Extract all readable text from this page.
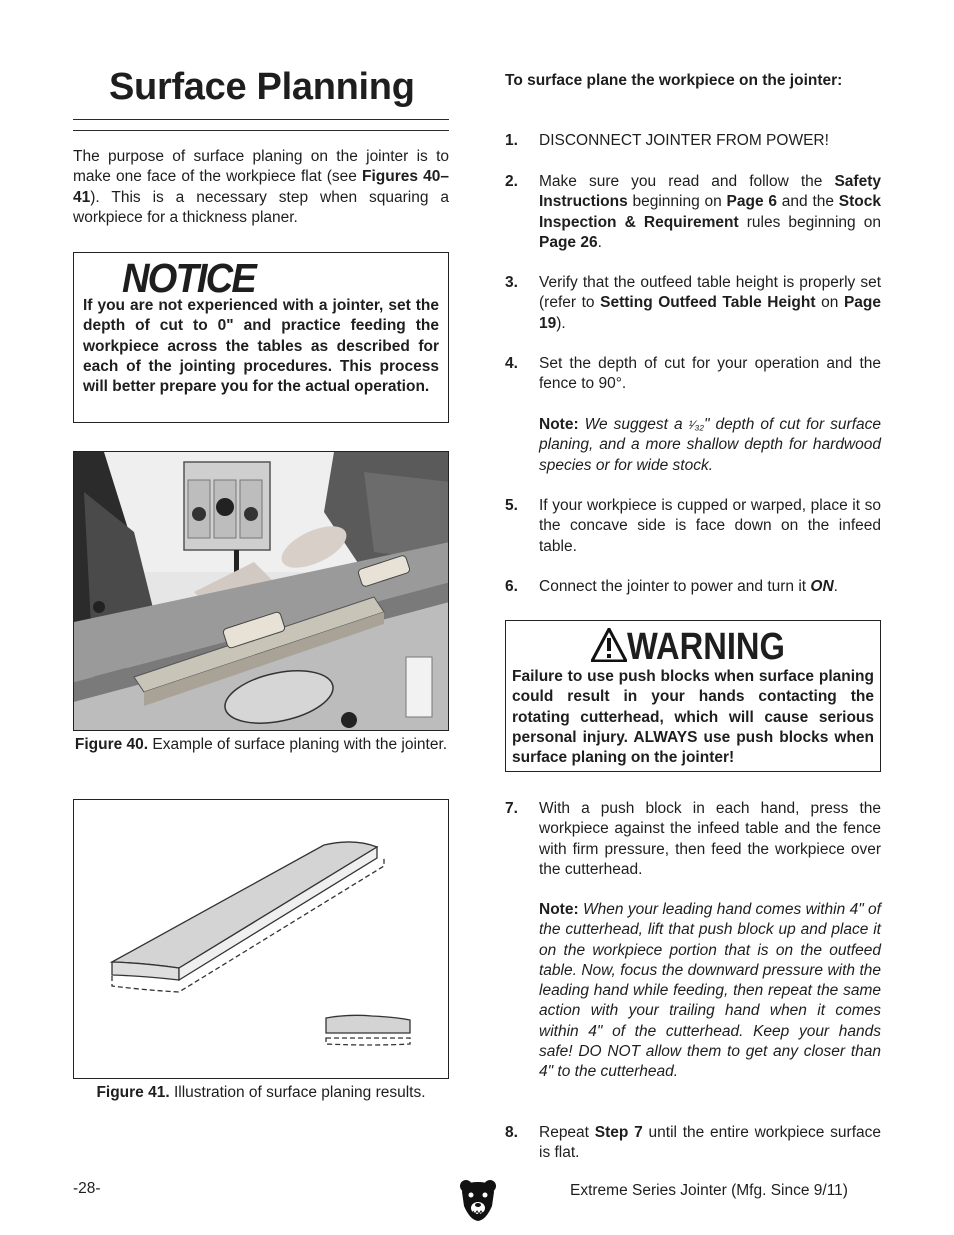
Surface Planning
The purpose of surface planing on the jointer is to make one face of the workpiece flat (see Figures 40–41). This is a necessary step when squaring a workpiece for a thickness planer.
NOTICE
If you are not experienced with a jointer, set the depth of cut to 0" and practice feeding the workpiece across the tables as described for each of the jointing procedures. This process will better prepare you for the actual operation.
Figure 40. Example of surface planing with the jointer.
Figure 41. Illustration of surface planing results.
To surface plane the workpiece on the jointer:
1. DISCONNECT JOINTER FROM POWER!
2. Make sure you read and follow the Safety Instructions beginning on Page 6 and the Stock Inspection & Requirement rules beginning on Page 26.
3. Verify that the outfeed table height is properly set (refer to Setting Outfeed Table Height on Page 19).
4. Set the depth of cut for your operation and the fence to 90°.
Note: We suggest a ¹⁄₃₂" depth of cut for surface planing, and a more shallow depth for hardwood species or for wide stock.
5. If your workpiece is cupped or warped, place it so the concave side is face down on the infeed table.
6. Connect the jointer to power and turn it ON.
WARNING
Failure to use push blocks when surface planing could result in your hands contacting the rotating cutterhead, which will cause serious personal injury. ALWAYS use push blocks when surface planing on the jointer!
7. With a push block in each hand, press the workpiece against the infeed table and the fence with firm pressure, then feed the workpiece over the cutterhead.
Note: When your leading hand comes within 4" of the cutterhead, lift that push block up and place it on the workpiece portion that is on the outfeed table. Now, focus the downward pressure with the leading hand while feeding, then repeat the same action with your trailing hand when it comes within 4" of the cutterhead. Keep your hands safe! DO NOT allow them to get any closer than 4" to the cutterhead.
8. Repeat Step 7 until the entire workpiece surface is flat.
-28-	Extreme Series Jointer (Mfg. Since 9/11)
